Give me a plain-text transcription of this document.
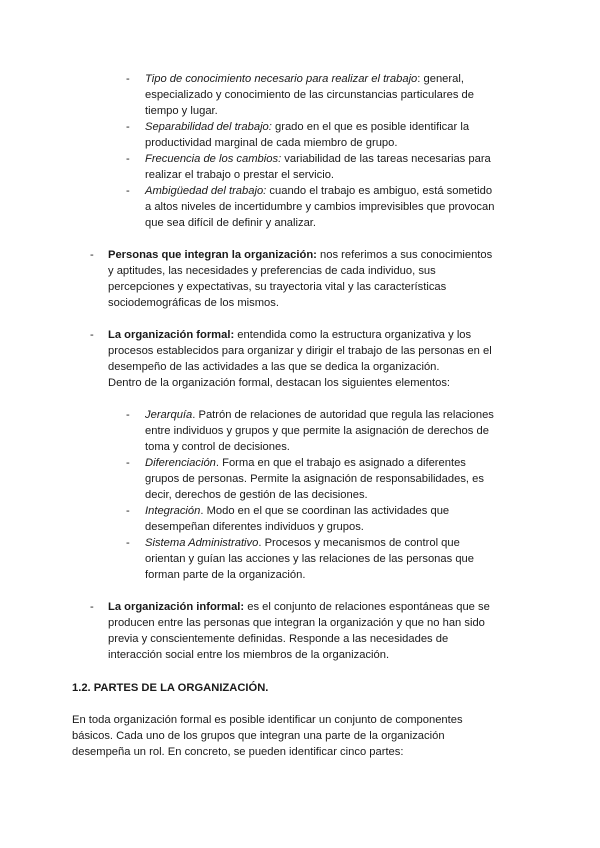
-	Tipo de conocimiento necesario para realizar el trabajo: general,
especializado y conocimiento de las circunstancias particulares de
tiempo y lugar.
-	Separabilidad del trabajo: grado en el que es posible identificar la
productividad marginal de cada miembro de grupo.
-	Frecuencia de los cambios: variabilidad de las tareas necesarias para
realizar el trabajo o prestar el servicio.
-	Ambigüedad del trabajo: cuando el trabajo es ambiguo, está sometido
a altos niveles de incertidumbre y cambios imprevisibles que provocan
que sea difícil de definir y analizar.
-	Personas que integran la organización: nos referimos a sus conocimientos
y aptitudes, las necesidades y preferencias de cada individuo, sus
percepciones y expectativas, su trayectoria vital y las características
sociodemográficas de los mismos.
-	La organización formal: entendida como la estructura organizativa y los
procesos establecidos para organizar y dirigir el trabajo de las personas en el
desempeño de las actividades a las que se dedica la organización.
Dentro de la organización formal, destacan los siguientes elementos:
-	Jerarquía. Patrón de relaciones de autoridad que regula las relaciones
entre individuos y grupos y que permite la asignación de derechos de
toma y control de decisiones.
-	Diferenciación. Forma en que el trabajo es asignado a diferentes
grupos de personas. Permite la asignación de responsabilidades, es
decir, derechos de gestión de las decisiones.
-	Integración. Modo en el que se coordinan las actividades que
desempeñan diferentes individuos y grupos.
-	Sistema Administrativo. Procesos y mecanismos de control que
orientan y guían las acciones y las relaciones de las personas que
forman parte de la organización.
-	La organización informal: es el conjunto de relaciones espontáneas que se
producen entre las personas que integran la organización y que no han sido
previa y conscientemente definidas. Responde a las necesidades de
interacción social entre los miembros de la organización.
1.2. PARTES DE LA ORGANIZACIÓN.
En toda organización formal es posible identificar un conjunto de componentes
básicos. Cada uno de los grupos que integran una parte de la organización
desempeña un rol. En concreto, se pueden identificar cinco partes:
